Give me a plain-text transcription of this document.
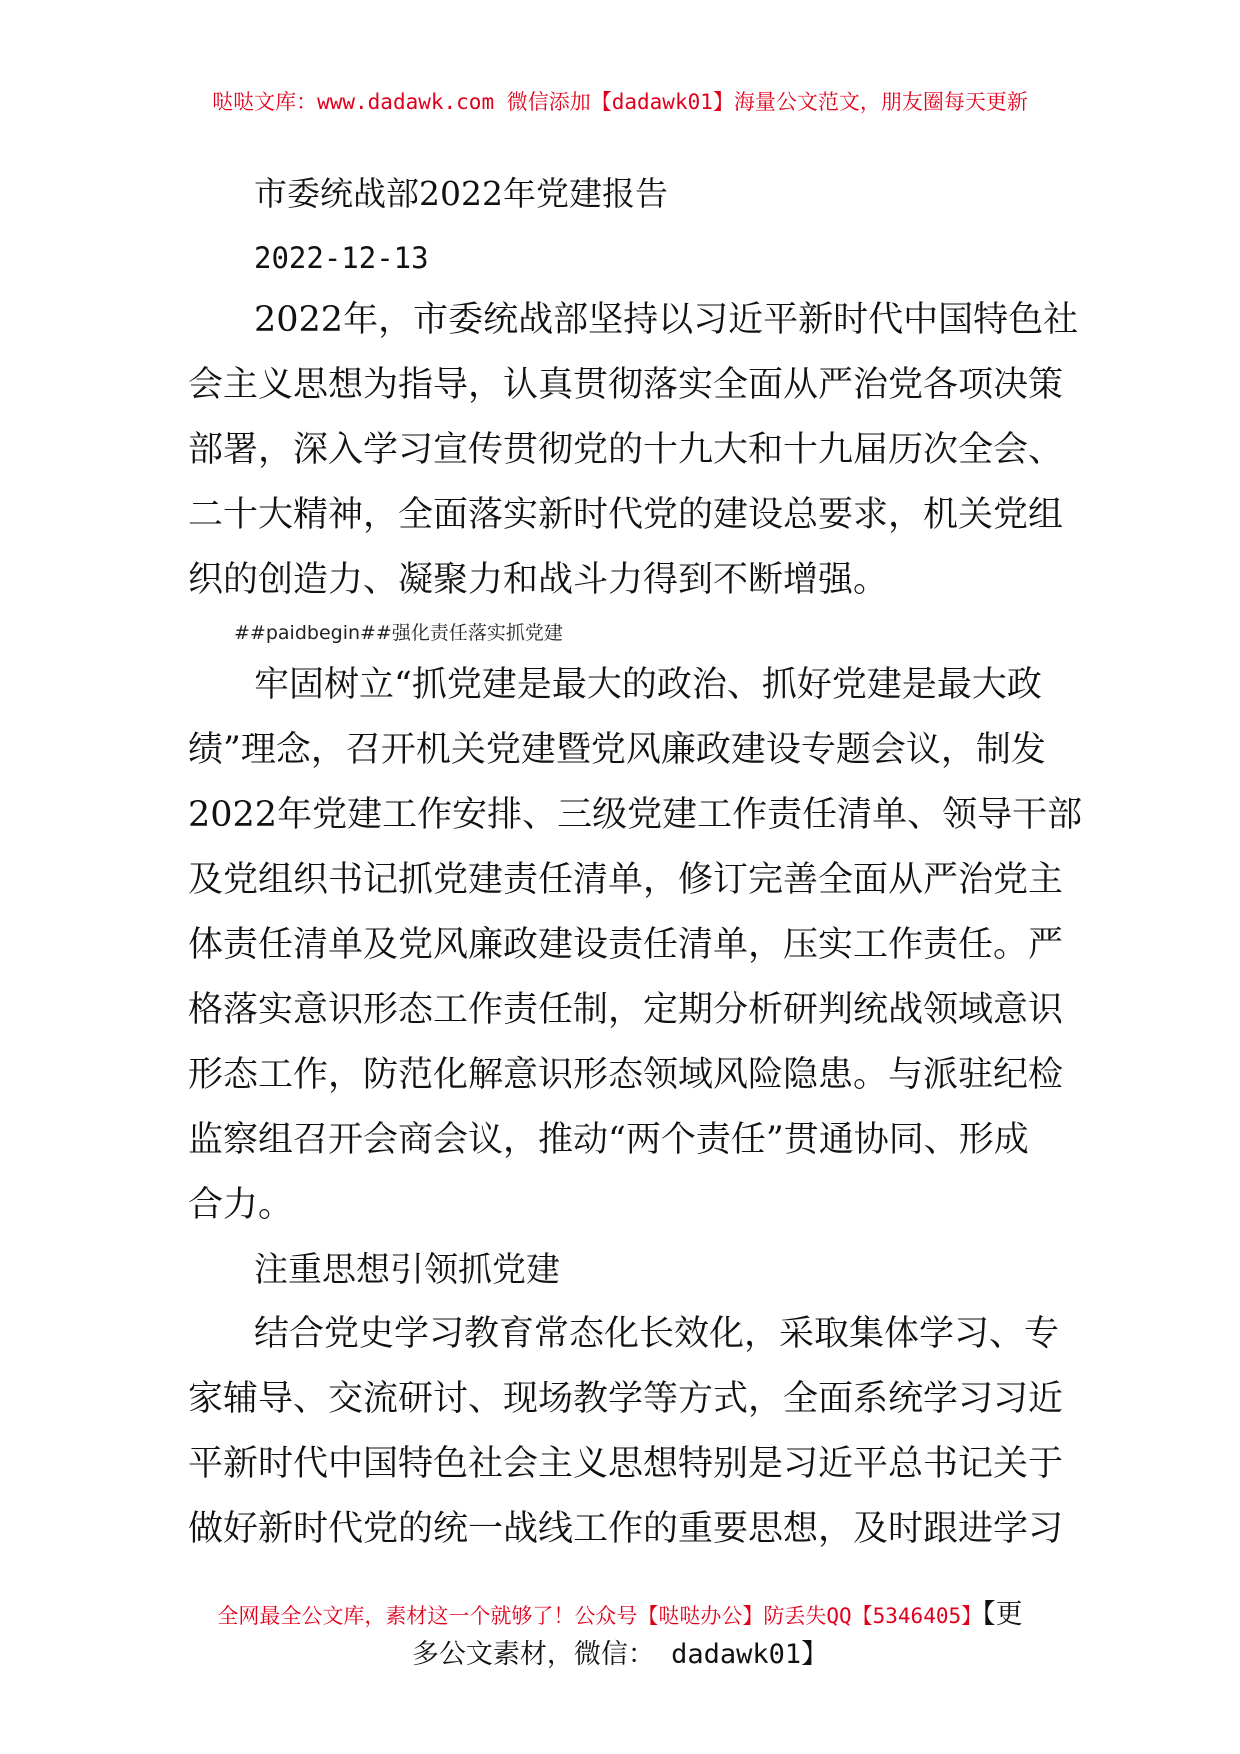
哒哒文库：www.dadawk.com 微信添加【dadawk01】海量公文范文，朋友圈每天更新
市委统战部2022年党建报告
2022-12-13
2022年，市委统战部坚持以习近平新时代中国特色社
会主义思想为指导，认真贯彻落实全面从严治党各项决策
部署，深入学习宣传贯彻党的十九大和十九届历次全会、
二十大精神，全面落实新时代党的建设总要求，机关党组
织的创造力、凝聚力和战斗力得到不断增强。
##paidbegin##强化责任落实抓党建
牢固树立“抓党建是最大的政治、抓好党建是最大政
绩”理念，召开机关党建暨党风廉政建设专题会议，制发
2022年党建工作安排、三级党建工作责任清单、领导干部
及党组织书记抓党建责任清单，修订完善全面从严治党主
体责任清单及党风廉政建设责任清单，压实工作责任。严
格落实意识形态工作责任制，定期分析研判统战领域意识
形态工作，防范化解意识形态领域风险隐患。与派驻纪检
监察组召开会商会议，推动“两个责任”贯通协同、形成
合力。
注重思想引领抓党建
结合党史学习教育常态化长效化，采取集体学习、专
家辅导、交流研讨、现场教学等方式，全面系统学习习近
平新时代中国特色社会主义思想特别是习近平总书记关于
做好新时代党的统一战线工作的重要思想，及时跟进学习
全网最全公文库，素材这一个就够了！公众号【哒哒办公】防丢失QQ【5346405】【更
多公文素材，微信： dadawk01】
